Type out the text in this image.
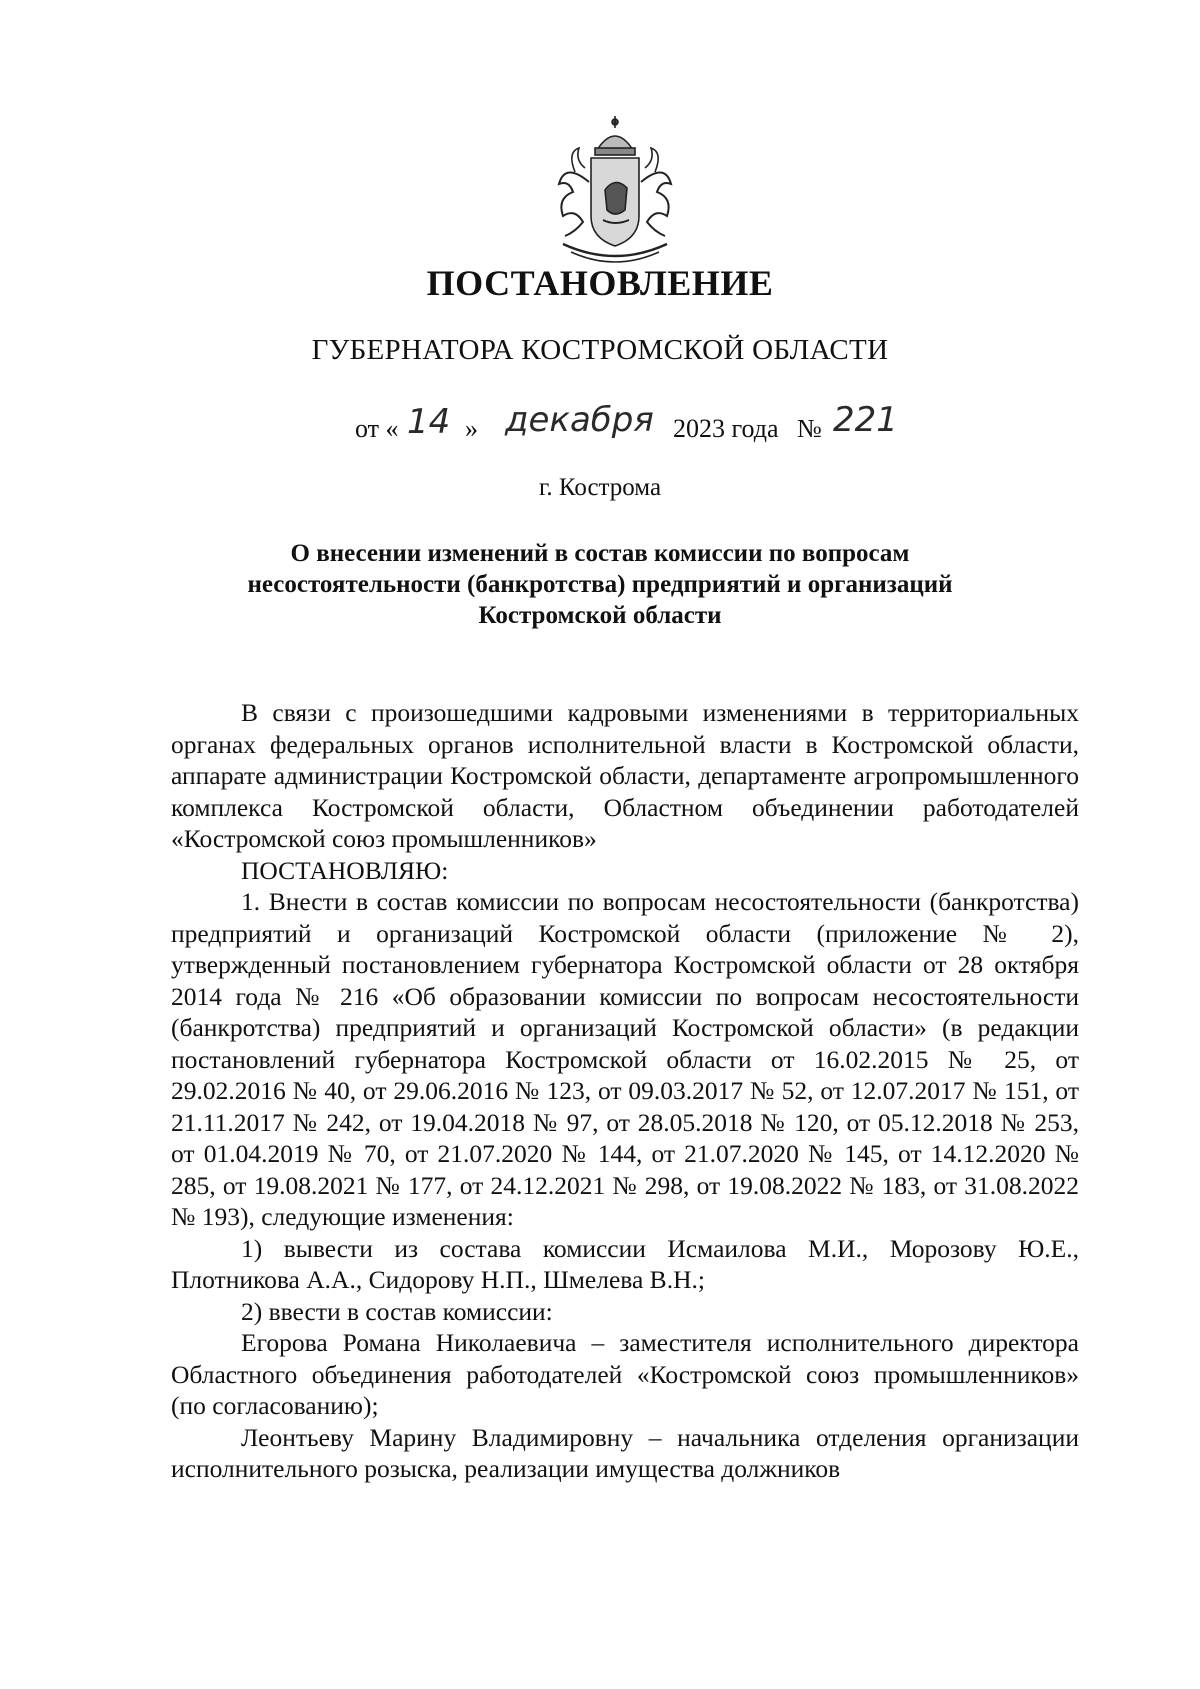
ПОСТАНОВЛЕНИЕ
ГУБЕРНАТОРА КОСТРОМСКОЙ ОБЛАСТИ
от « 14 » декабря 2023 года № 221
г. Кострома
О внесении изменений в состав комиссии по вопросам
несостоятельности (банкротства) предприятий и организаций
Костромской области

В связи с произошедшими кадровыми изменениями в территориальных органах федеральных органов исполнительной власти в Костромской области, аппарате администрации Костромской области, департаменте агропромышленного комплекса Костромской области, Областном объединении работодателей «Костромской союз промышленников»

ПОСТАНОВЛЯЮ:

1. Внести в состав комиссии по вопросам несостоятельности (банкротства) предприятий и организаций Костромской области (приложение № 2), утвержденный постановлением губернатора Костромской области от 28 октября 2014 года № 216 «Об образовании комиссии по вопросам несостоятельности (банкротства) предприятий и организаций Костромской области» (в редакции постановлений губернатора Костромской области от 16.02.2015 № 25, от 29.02.2016 № 40, от 29.06.2016 № 123, от 09.03.2017 № 52, от 12.07.2017 № 151, от 21.11.2017 № 242, от 19.04.2018 № 97, от 28.05.2018 № 120, от 05.12.2018 № 253, от 01.04.2019 № 70, от 21.07.2020 № 144, от 21.07.2020 № 145, от 14.12.2020 № 285, от 19.08.2021 № 177, от 24.12.2021 № 298, от 19.08.2022 № 183, от 31.08.2022 № 193), следующие изменения:

1) вывести из состава комиссии Исмаилова М.И., Морозову Ю.Е., Плотникова А.А., Сидорову Н.П., Шмелева В.Н.;

2) ввести в состав комиссии:

Егорова Романа Николаевича – заместителя исполнительного директора Областного объединения работодателей «Костромской союз промышленников» (по согласованию);

Леонтьеву Марину Владимировну – начальника отделения организации исполнительного розыска, реализации имущества должников
